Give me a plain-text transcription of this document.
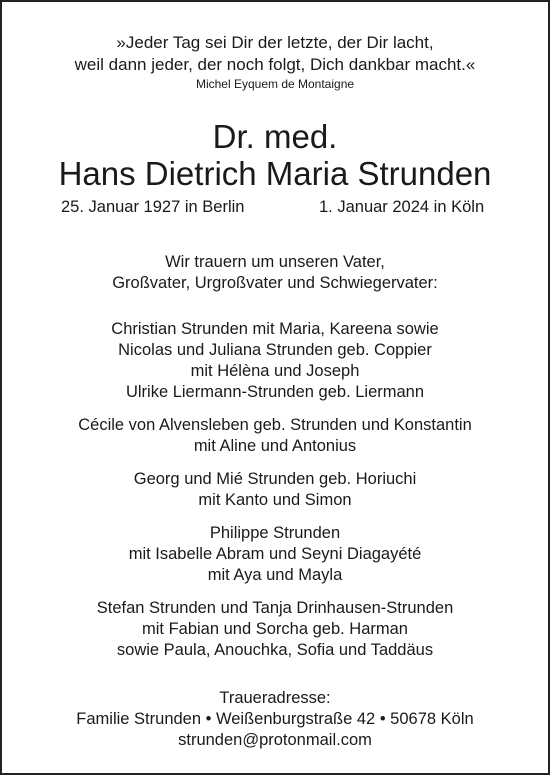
»Jeder Tag sei Dir der letzte, der Dir lacht,
weil dann jeder, der noch folgt, Dich dankbar macht.«
Michel Eyquem de Montaigne
Dr. med.
Hans Dietrich Maria Strunden
25. Januar 1927 in Berlin	1. Januar 2024 in Köln
Wir trauern um unseren Vater,
Großvater, Urgroßvater und Schwiegervater:
Christian Strunden mit Maria, Kareena sowie
Nicolas und Juliana Strunden geb. Coppier
mit Hélèna und Joseph
Ulrike Liermann-Strunden geb. Liermann
Cécile von Alvensleben geb. Strunden und Konstantin
mit Aline und Antonius
Georg und Mié Strunden geb. Horiuchi
mit Kanto und Simon
Philippe Strunden
mit Isabelle Abram und Seyni Diagayété
mit Aya und Mayla
Stefan Strunden und Tanja Drinhausen-Strunden
mit Fabian und Sorcha geb. Harman
sowie Paula, Anouchka, Sofia und Taddäus
Traueradresse:
Familie Strunden • Weißenburgstraße 42 • 50678 Köln
strunden@protonmail.com
